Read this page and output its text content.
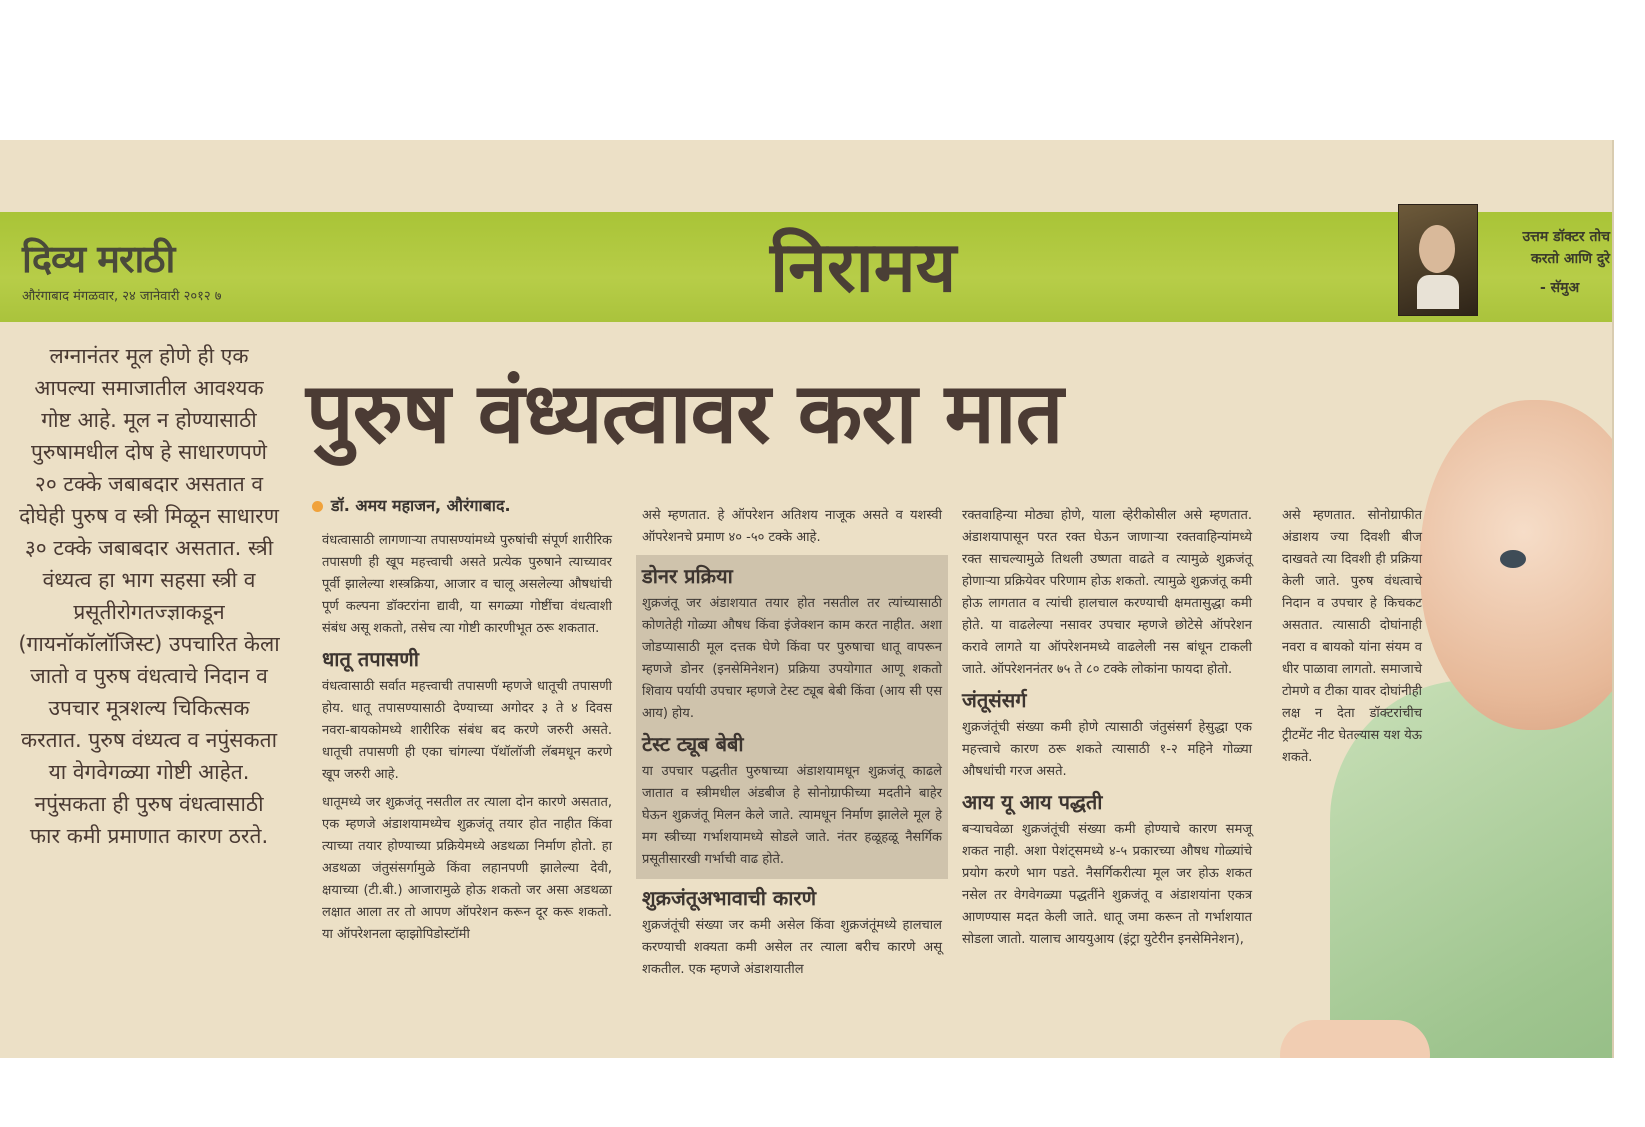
दिव्य मराठी
औरंगाबाद मंगळवार, २४ जानेवारी २०१२ ७	निरामय	उत्तम डॉक्टर तोच करतो आणि दुरे
- सॅमुअ
लग्नानंतर मूल होणे ही एक आपल्या समाजातील आवश्यक गोष्ट आहे. मूल न होण्यासाठी पुरुषामधील दोष हे साधारणपणे २० टक्के जबाबदार असतात व दोघेही पुरुष व स्त्री मिळून साधारण ३० टक्के जबाबदार असतात. स्त्री वंध्यत्व हा भाग सहसा स्त्री व प्रसूतीरोगतज्ज्ञाकडून (गायनॉकॉलॉजिस्ट) उपचारित केला जातो व पुरुष वंधत्वाचे निदान व उपचार मूत्रशल्य चिकित्सक करतात. पुरुष वंध्यत्व व नपुंसकता या वेगवेगळ्या गोष्टी आहेत. नपुंसकता ही पुरुष वंधत्वासाठी फार कमी प्रमाणात कारण ठरते.
पुरुष वंध्यत्वावर करा मात
डॉ. अमय महाजन, औरंगाबाद.

वंधत्वासाठी लागणाऱ्या तपासण्यांमध्ये पुरुषांची संपूर्ण शारीरिक तपासणी ही खूप महत्त्वाची असते प्रत्येक पुरुषाने त्याच्यावर पूर्वी झालेल्या शस्त्रक्रिया, आजार व चालू असलेल्या औषधांची पूर्ण कल्पना डॉक्टरांना द्यावी, या सगळ्या गोष्टींचा वंधत्वाशी संबंध असू शकतो, तसेच त्या गोष्टी कारणीभूत ठरू शकतात.

धातू तपासणी

वंधत्वासाठी सर्वात महत्त्वाची तपासणी म्हणजे धातूची तपासणी होय. धातू तपासण्यासाठी देण्याच्या अगोदर ३ ते ४ दिवस नवरा-बायकोमध्ये शारीरिक संबंध बद करणे जरुरी असते. धातूची तपासणी ही एका चांगल्या पॅथॉलॉजी लॅबमधून करणे खूप जरुरी आहे.

धातूमध्ये जर शुक्रजंतू नसतील तर त्याला दोन कारणे असतात, एक म्हणजे अंडाशयामध्येच शुक्रजंतू तयार होत नाहीत किंवा त्याच्या तयार होण्याच्या प्रक्रियेमध्ये अडथळा निर्माण होतो. हा अडथळा जंतुसंसर्गामुळे किंवा लहानपणी झालेल्या देवी, क्षयाच्या (टी.बी.) आजारामुळे होऊ शकतो जर असा अडथळा लक्षात आला तर तो आपण ऑपरेशन करून दूर करू शकतो. या ऑपरेशनला व्हाझोपिडोस्टॉमी

असे म्हणतात. हे ऑपरेशन अतिशय नाजूक असते व यशस्वी ऑपरेशनचे प्रमाण ४० -५० टक्के आहे.

डोनर प्रक्रिया

शुक्रजंतू जर अंडाशयात तयार होत नसतील तर त्यांच्यासाठी कोणतेही गोळ्या औषध किंवा इंजेक्शन काम करत नाहीत. अशा जोडप्यासाठी मूल दत्तक घेणे किंवा पर पुरुषाचा धातू वापरून म्हणजे डोनर (इनसेमिनेशन) प्रक्रिया उपयोगात आणू शकतो शिवाय पर्यायी उपचार म्हणजे टेस्ट ट्यूब बेबी किंवा (आय सी एस आय) होय.

टेस्ट ट्यूब बेबी

या उपचार पद्धतीत पुरुषाच्या अंडाशयामधून शुक्रजंतू काढले जातात व स्त्रीमधील अंडबीज हे सोनोग्राफीच्या मदतीने बाहेर घेऊन शुक्रजंतू मिलन केले जाते. त्यामधून निर्माण झालेले मूल हे मग स्त्रीच्या गर्भाशयामध्ये सोडले जाते. नंतर हळूहळू नैसर्गिक प्रसूतीसारखी गर्भाची वाढ होते.

शुक्रजंतूअभावाची कारणे

शुक्रजंतूंची संख्या जर कमी असेल किंवा शुक्रजंतूंमध्ये हालचाल करण्याची शक्यता कमी असेल तर त्याला बरीच कारणे असू शकतील. एक म्हणजे अंडाशयातील

रक्तवाहिन्या मोठ्या होणे, याला व्हेरीकोसील असे म्हणतात. अंडाशयापासून परत रक्त घेऊन जाणाऱ्या रक्तवाहिन्यांमध्ये रक्त साचल्यामुळे तिथली उष्णता वाढते व त्यामुळे शुक्रजंतू होणाऱ्या प्रक्रियेवर परिणाम होऊ शकतो. त्यामुळे शुक्रजंतू कमी होऊ लागतात व त्यांची हालचाल करण्याची क्षमतासुद्धा कमी होते. या वाढलेल्या नसावर उपचार म्हणजे छोटेसे ऑपरेशन करावे लागते या ऑपरेशनमध्ये वाढलेली नस बांधून टाकली जाते. ऑपरेशननंतर ७५ ते ८० टक्के लोकांना फायदा होतो.

जंतूसंसर्ग

शुक्रजंतूंची संख्या कमी होणे त्यासाठी जंतुसंसर्ग हेसुद्धा एक महत्त्वाचे कारण ठरू शकते त्यासाठी १-२ महिने गोळ्या औषधांची गरज असते.

आय यू आय पद्धती

बऱ्याचवेळा शुक्रजंतूंची संख्या कमी होण्याचे कारण समजू शकत नाही. अशा पेशंट्समध्ये ४-५ प्रकारच्या औषध गोळ्यांचे प्रयोग करणे भाग पडते. नैसर्गिकरीत्या मूल जर होऊ शकत नसेल तर वेगवेगळ्या पद्धतींने शुक्रजंतू व अंडाशयांना एकत्र आणण्यास मदत केली जाते. धातू जमा करून तो गर्भाशयात सोडला जातो. यालाच आययुआय (इंट्रा युटेरीन इनसेमिनेशन),

असे म्हणतात. सोनोग्राफीत अंडाशय ज्या दिवशी बीज दाखवते त्या दिवशी ही प्रक्रिया केली जाते. पुरुष वंधत्वाचे निदान व उपचार हे किचकट असतात. त्यासाठी दोघांनाही नवरा व बायको यांना संयम व धीर पाळावा लागतो. समाजाचे टोमणे व टीका यावर दोघांनीही लक्ष न देता डॉक्टरांचीच ट्रीटमेंट नीट घेतल्यास यश येऊ शकते.
